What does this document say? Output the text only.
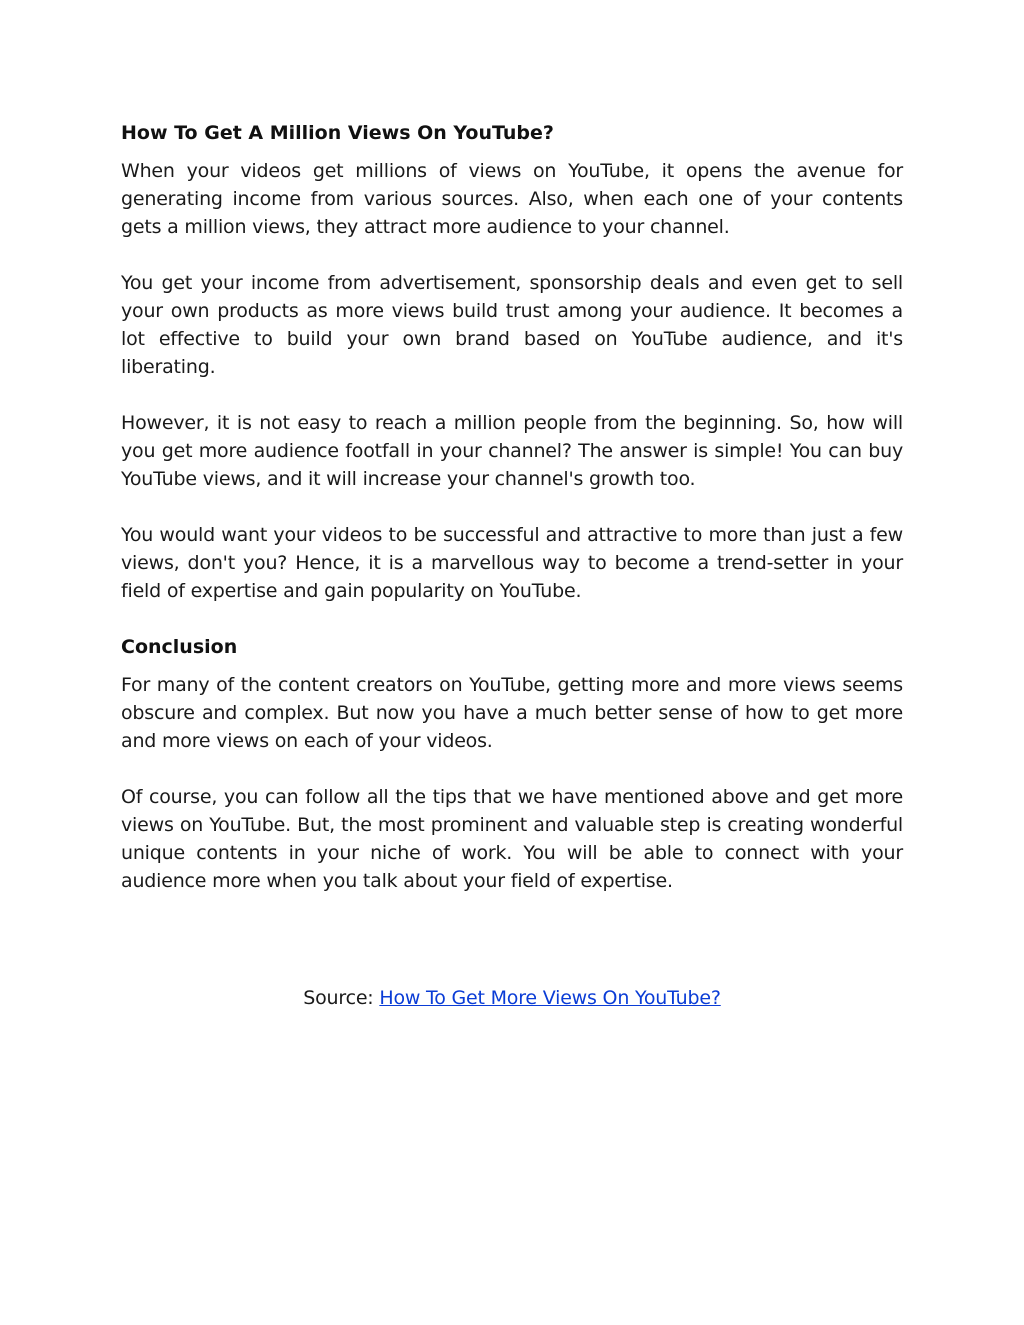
How To Get A Million Views On YouTube?

When your videos get millions of views on YouTube, it opens the avenue for generating income from various sources. Also, when each one of your contents gets a million views, they attract more audience to your channel.

You get your income from advertisement, sponsorship deals and even get to sell your own products as more views build trust among your audience. It becomes a lot effective to build your own brand based on YouTube audience, and it's liberating.

However, it is not easy to reach a million people from the beginning. So, how will you get more audience footfall in your channel? The answer is simple! You can buy YouTube views, and it will increase your channel's growth too.

You would want your videos to be successful and attractive to more than just a few views, don't you? Hence, it is a marvellous way to become a trend-setter in your field of expertise and gain popularity on YouTube.

Conclusion

For many of the content creators on YouTube, getting more and more views seems obscure and complex. But now you have a much better sense of how to get more and more views on each of your videos.

Of course, you can follow all the tips that we have mentioned above and get more views on YouTube. But, the most prominent and valuable step is creating wonderful unique contents in your niche of work. You will be able to connect with your audience more when you talk about your field of expertise.

Source: How To Get More Views On YouTube?
